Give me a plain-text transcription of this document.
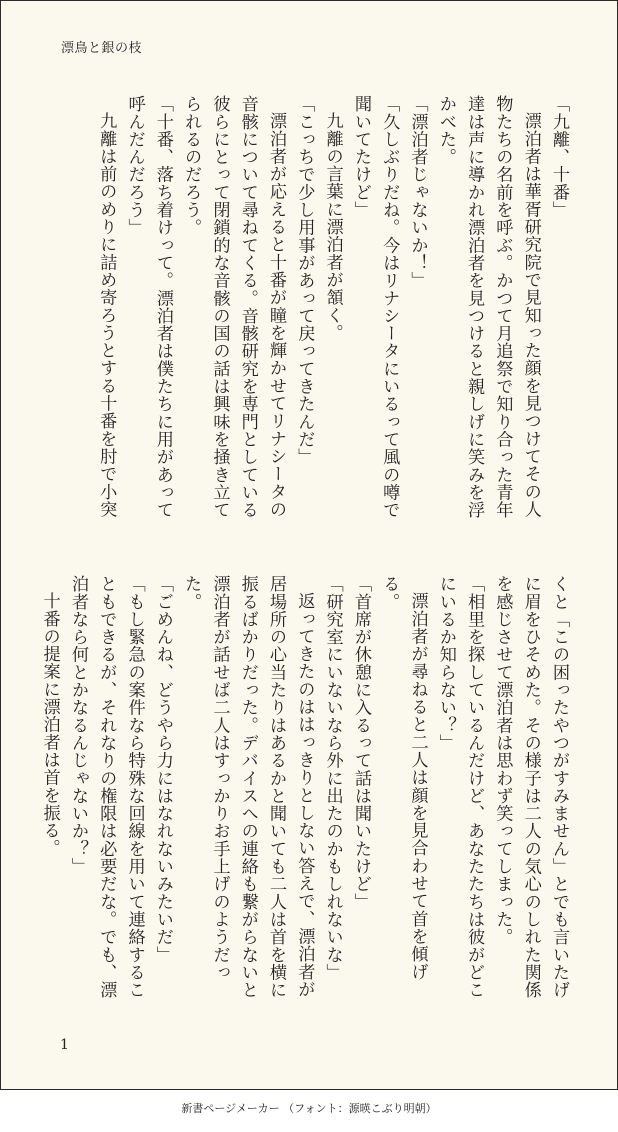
漂鳥と銀の枝

「九離、十番」

漂泊者は華胥研究院で見知った顔を見つけてその人物たちの名前を呼ぶ。かつて月追祭で知り合った青年達は声に導かれ漂泊者を見つけると親しげに笑みを浮かべた。

「漂泊者じゃないか！」

「久しぶりだね。今はリナシータにいるって風の噂で聞いてたけど」

九離の言葉に漂泊者が頷く。

「こっちで少し用事があって戻ってきたんだ」

漂泊者が応えると十番が瞳を輝かせてリナシータの音骸について尋ねてくる。音骸研究を専門としている彼らにとって閉鎖的な音骸の国の話は興味を掻き立てられるのだろう。

「十番、落ち着けって。漂泊者は僕たちに用があって呼んだんだろう」

九離は前のめりに詰め寄ろうとする十番を肘で小突

くと「この困ったやつがすみません」とでも言いたげに眉をひそめた。その様子は二人の気心のしれた関係を感じさせて漂泊者は思わず笑ってしまった。

「相里を探しているんだけど、あなたたちは彼がどこにいるか知らない？」

漂泊者が尋ねると二人は顔を見合わせて首を傾げる。

「首席が休憩に入るって話は聞いたけど」

「研究室にいないなら外に出たのかもしれないな」

返ってきたのははっきりとしない答えで、漂泊者が居場所の心当たりはあるかと聞いても二人は首を横に振るばかりだった。デバイスへの連絡も繋がらないと漂泊者が話せば二人はすっかりお手上げのようだった。

「ごめんね、どうやら力にはなれないみたいだ」

「もし緊急の案件なら特殊な回線を用いて連絡することもできるが、それなりの権限は必要だな。でも、漂泊者なら何とかなるんじゃないか？」

十番の提案に漂泊者は首を振る。

1
新書ページメーカー （フォント：源暎こぶり明朝）
